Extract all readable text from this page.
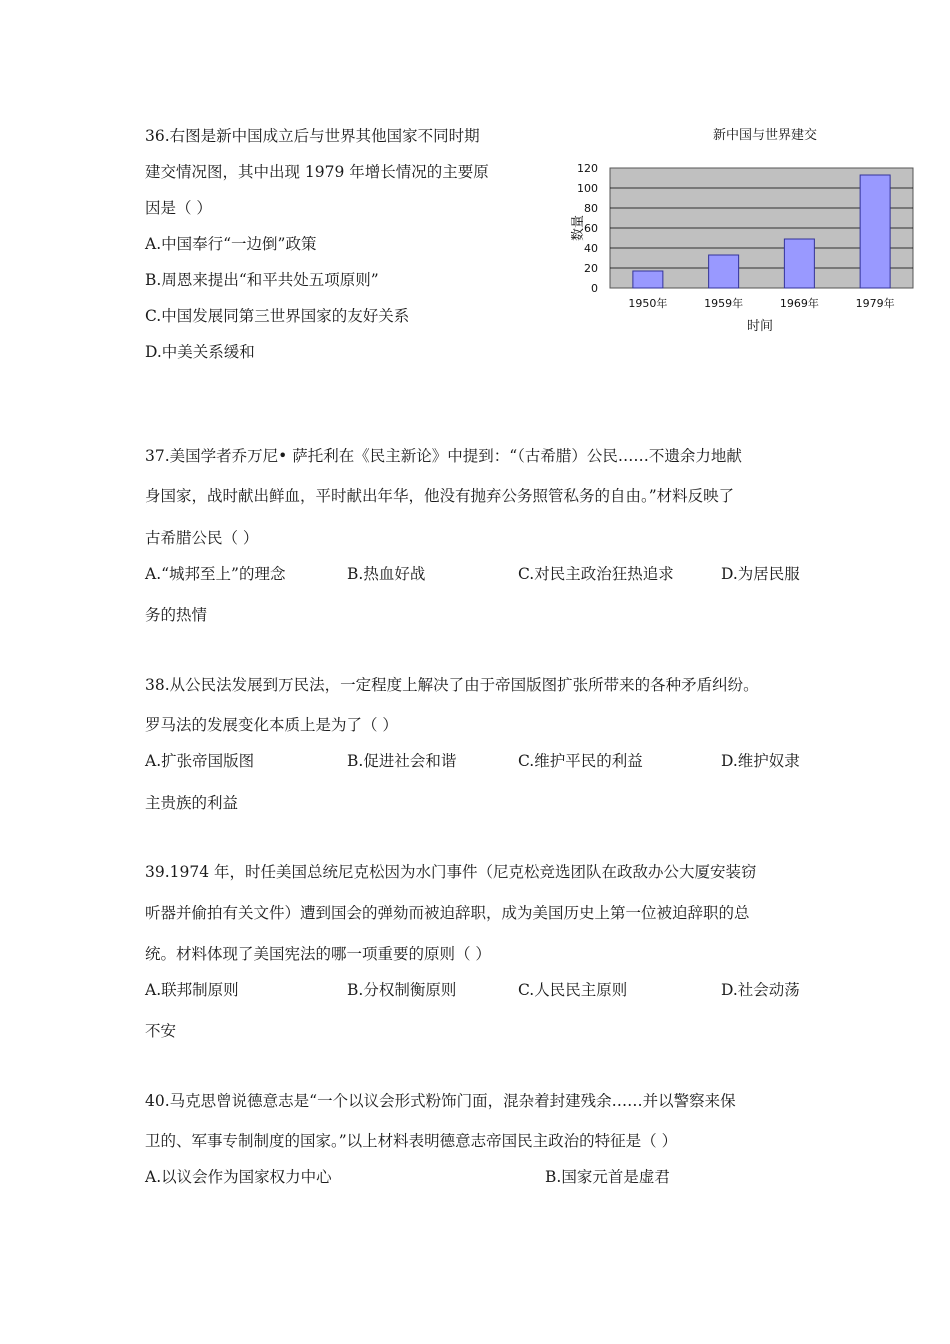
36.右图是新中国成立后与世界其他国家不同时期
建交情况图，其中出现 1979 年增长情况的主要原
因是（ ）
A.中国奉行“一边倒”政策
B.周恩来提出“和平共处五项原则”
C.中国发展同第三世界国家的友好关系
D.中美关系缓和
新中国与世界建交
0
20
40
60
80
100
120
1950年	1959年	1969年	1979年
时间
数量
37.美国学者乔万尼• 萨托利在《民主新论》中提到：“（古希腊）公民……不遗余力地献
身国家，战时献出鲜血，平时献出年华，他没有抛弃公务照管私务的自由。”材料反映了
古希腊公民（ ）
A.“城邦至上”的理念	B.热血好战	C.对民主政治狂热追求	D.为居民服
务的热情
38.从公民法发展到万民法，一定程度上解决了由于帝国版图扩张所带来的各种矛盾纠纷。
罗马法的发展变化本质上是为了（ ）
A.扩张帝国版图	B.促进社会和谐	C.维护平民的利益	D.维护奴隶
主贵族的利益
39.1974 年，时任美国总统尼克松因为水门事件（尼克松竞选团队在政敌办公大厦安装窃
听器并偷拍有关文件）遭到国会的弹劾而被迫辞职，成为美国历史上第一位被迫辞职的总
统。材料体现了美国宪法的哪一项重要的原则（ ）
A.联邦制原则	B.分权制衡原则	C.人民民主原则	D.社会动荡
不安
40.马克思曾说德意志是“一个以议会形式粉饰门面，混杂着封建残余……并以警察来保
卫的、军事专制制度的国家。”以上材料表明德意志帝国民主政治的特征是（ ）
A.以议会作为国家权力中心	B.国家元首是虚君
